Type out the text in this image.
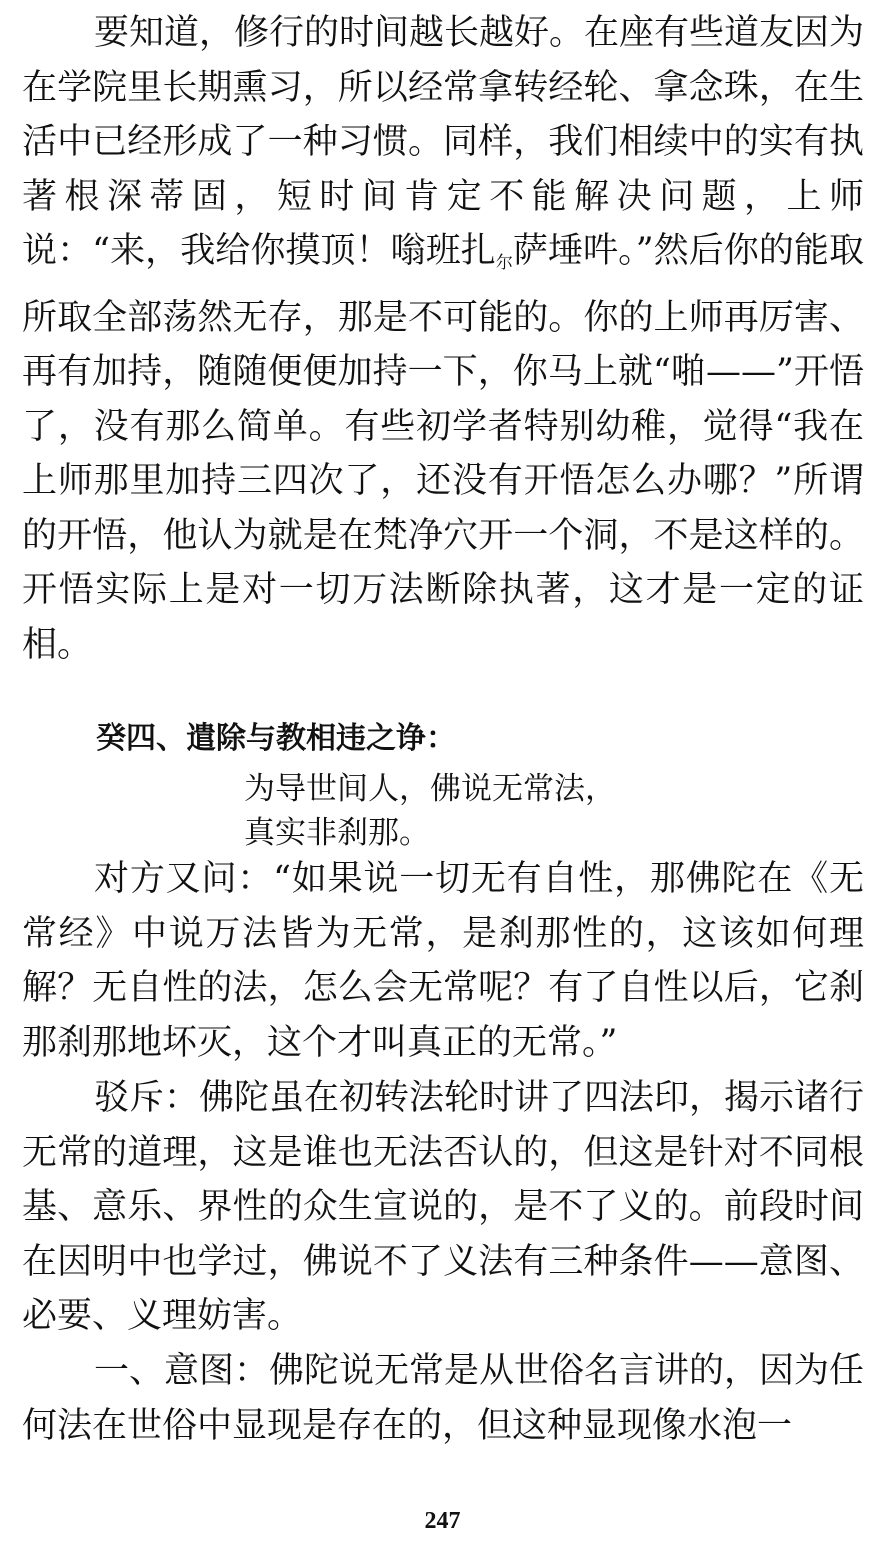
要知道，修行的时间越长越好。在座有些道友因为在学院里长期熏习，所以经常拿转经轮、拿念珠，在生活中已经形成了一种习惯。同样，我们相续中的实有执著根深蒂固，短时间肯定不能解决问题，上师说：“来，我给你摸顶！嗡班扎$_尔$萨埵吽。”然后你的能取所取全部荡然无存，那是不可能的。你的上师再厉害、再有加持，随随便便加持一下，你马上就“啪——”开悟了，没有那么简单。有些初学者特别幼稚，觉得“我在上师那里加持三四次了，还没有开悟怎么办哪？”所谓的开悟，他认为就是在梵净穴开一个洞，不是这样的。开悟实际上是对一切万法断除执著，这才是一定的证相。

癸四、遣除与教相违之诤：

为导世间人，佛说无常法，

真实非刹那。

对方又问：“如果说一切无有自性，那佛陀在《无常经》中说万法皆为无常，是刹那性的，这该如何理解？无自性的法，怎么会无常呢？有了自性以后，它刹那刹那地坏灭，这个才叫真正的无常。”

驳斥：佛陀虽在初转法轮时讲了四法印，揭示诸行无常的道理，这是谁也无法否认的，但这是针对不同根基、意乐、界性的众生宣说的，是不了义的。前段时间在因明中也学过，佛说不了义法有三种条件——意图、必要、义理妨害。

一、意图：佛陀说无常是从世俗名言讲的，因为任何法在世俗中显现是存在的，但这种显现像水泡一

247
